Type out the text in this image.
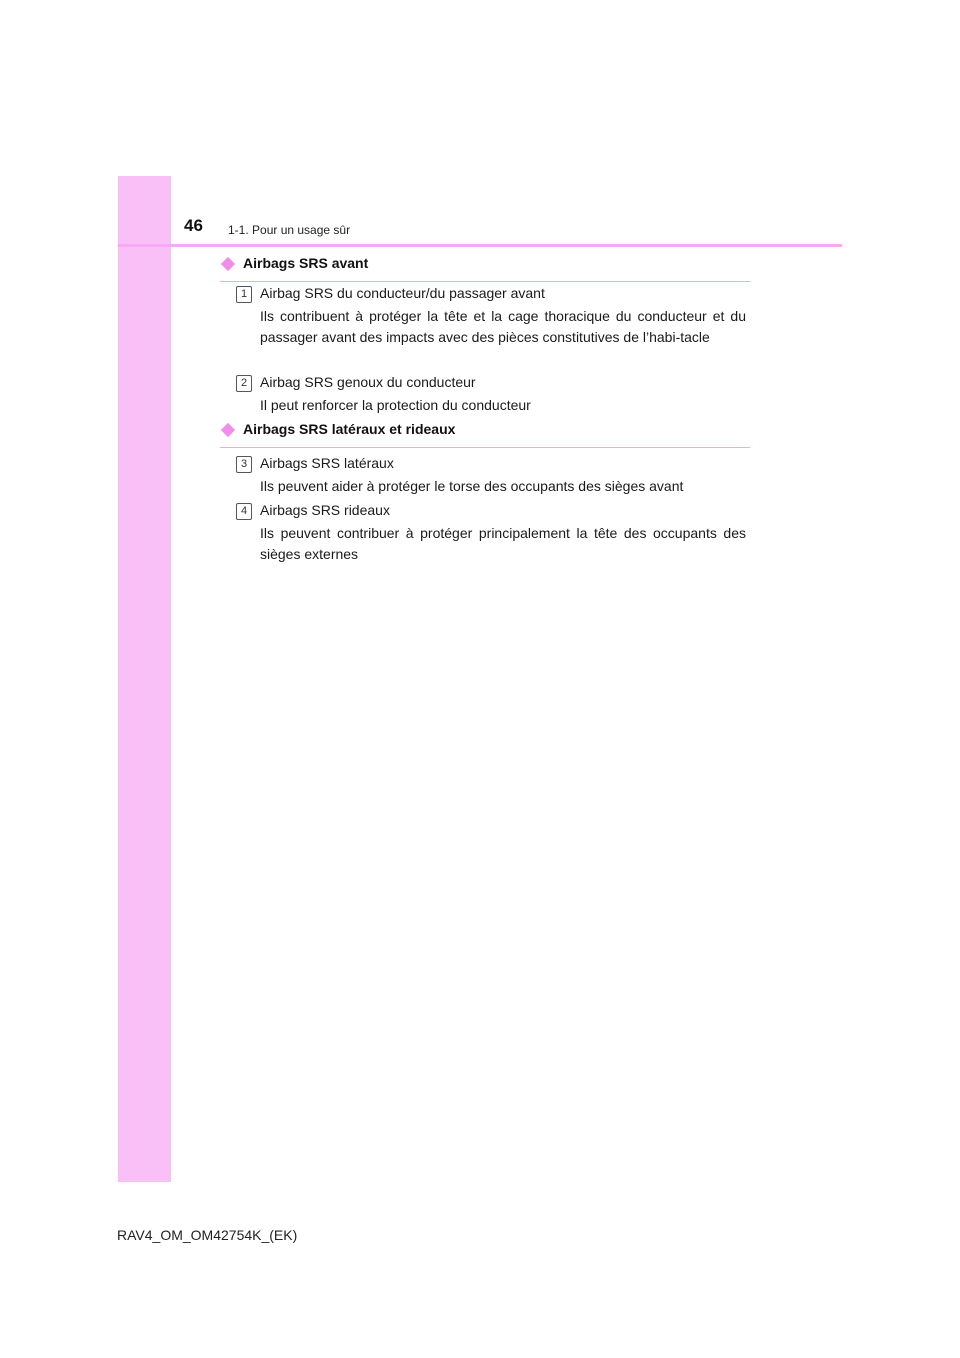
46 1-1. Pour un usage sûr
Airbags SRS avant
1 Airbag SRS du conducteur/du passager avant
Ils contribuent à protéger la tête et la cage thoracique du conducteur et du passager avant des impacts avec des pièces constitutives de l’habi-tacle
2 Airbag SRS genoux du conducteur
Il peut renforcer la protection du conducteur
Airbags SRS latéraux et rideaux
3 Airbags SRS latéraux
Ils peuvent aider à protéger le torse des occupants des sièges avant
4 Airbags SRS rideaux
Ils peuvent contribuer à protéger principalement la tête des occupants des sièges externes
RAV4_OM_OM42754K_(EK)
